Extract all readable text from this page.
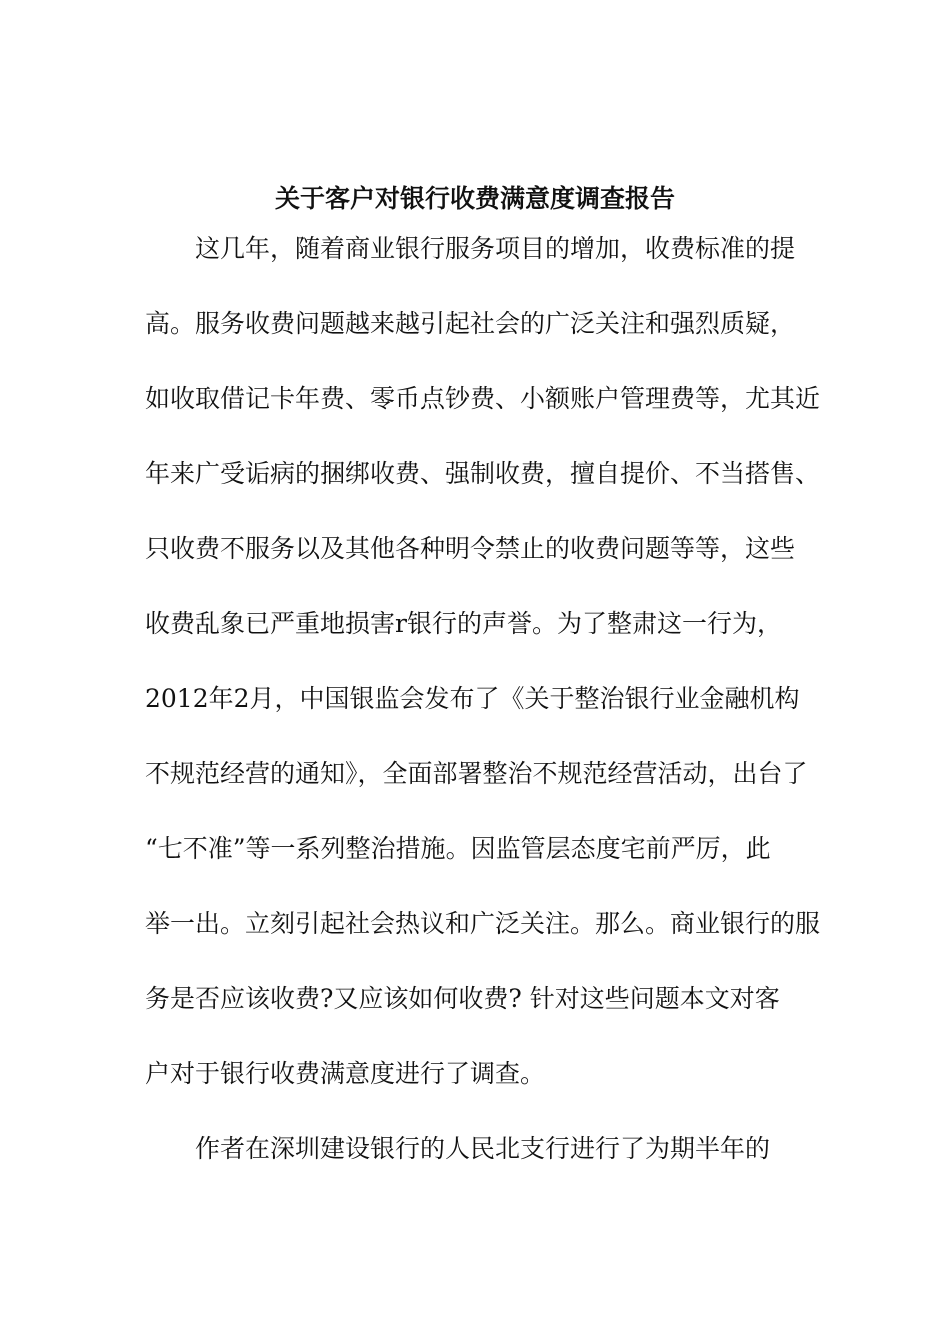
关于客户对银行收费满意度调查报告
这几年，随着商业银行服务项目的增加，收费标准的提
高。服务收费问题越来越引起社会的广泛关注和强烈质疑，
如收取借记卡年费、零币点钞费、小额账户管理费等，尤其近
年来广受诟病的捆绑收费、强制收费，擅自提价、不当搭售、
只收费不服务以及其他各种明令禁止的收费问题等等，这些
收费乱象已严重地损害r银行的声誉。为了整肃这一行为，
2012年2月，中国银监会发布了《关于整治银行业金融机构
不规范经营的通知》，全面部署整治不规范经营活动，出台了
“七不准”等一系列整治措施。因监管层态度宅前严厉，此
举一出。立刻引起社会热议和广泛关注。那么。商业银行的服
务是否应该收费?又应该如何收费? 针对这些问题本文对客
户对于银行收费满意度进行了调查。
作者在深圳建设银行的人民北支行进行了为期半年的
